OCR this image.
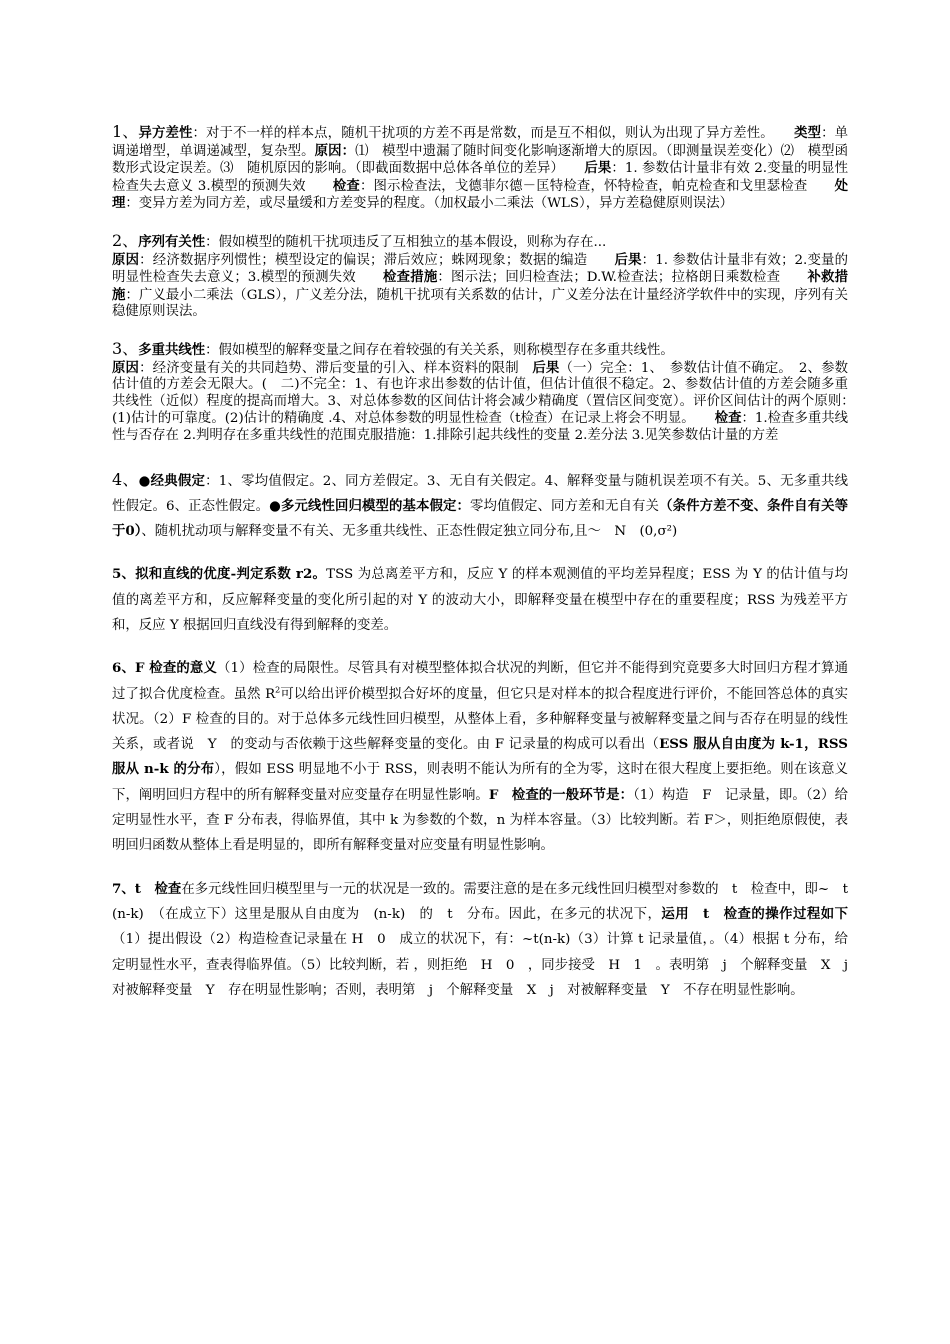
1、异方差性：对于不一样的样本点，随机干扰项的方差不再是常数，而是互不相似，则认为出现了异方差性。　　类型：单调递增型，单调递减型，复杂型。原因：⑴　模型中遗漏了随时间变化影响逐渐增大的原因。（即测量误差变化）⑵　模型函数形式设定误差。⑶　随机原因的影响。（即截面数据中总体各单位的差异）　　后果：1. 参数估计量非有效 2.变量的明显性检查失去意义 3.模型的预测失效　　检查：图示检查法，戈德菲尔德－匡特检查，怀特检查，帕克检查和戈里瑟检查　　处理：变异方差为同方差，或尽量缓和方差变异的程度。（加权最小二乘法（WLS），异方差稳健原则误法）

2、序列有关性：假如模型的随机干扰项违反了互相独立的基本假设，则称为存在...
原因：经济数据序列惯性；模型设定的偏误；滞后效应；蛛网现象；数据的编造　　后果：1. 参数估计量非有效；2.变量的明显性检查失去意义；3.模型的预测失效　　检查措施：图示法；回归检查法；D.W.检查法；拉格朗日乘数检查　　补救措施：广义最小二乘法（GLS），广义差分法，随机干扰项有关系数的估计，广义差分法在计量经济学软件中的实现，序列有关稳健原则误法。

3、多重共线性：假如模型的解释变量之间存在着较强的有关关系，则称模型存在多重共线性。
原因：经济变量有关的共同趋势、滞后变量的引入、样本资料的限制　后果（一）完全：1、　参数估计值不确定。　2、参数估计值的方差会无限大。(　二)不完全：1、有也许求出参数的估计值，但估计值很不稳定。2、参数估计值的方差会随多重共线性（近似）程度的提高而增大。3、对总体参数的区间估计将会减少精确度（置信区间变宽）。评价区间估计的两个原则：　(1)估计的可靠度。(2)估计的精确度 .4、对总体参数的明显性检查（t检查）在记录上将会不明显。　　检查：1.检查多重共线性与否存在 2.判明存在多重共线性的范围克服措施：1.排除引起共线性的变量 2.差分法 3.见笑参数估计量的方差

4、●经典假定：1、零均值假定。2、同方差假定。3、无自有关假定。4、解释变量与随机误差项不有关。5、无多重共线性假定。6、正态性假定。●多元线性回归模型的基本假定：零均值假定、同方差和无自有关（条件方差不变、条件自有关等于0）、随机扰动项与解释变量不有关、无多重共线性、正态性假定独立同分布,且～　N　(0,σ²)

5、拟和直线的优度-判定系数 r2。TSS 为总离差平方和，反应 Y 的样本观测值的平均差异程度；ESS 为 Y 的估计值与均值的离差平方和，反应解释变量的变化所引起的对 Y 的波动大小，即解释变量在模型中存在的重要程度；RSS 为残差平方和，反应 Y 根据回归直线没有得到解释的变差。

6、F 检查的意义（1）检查的局限性。尽管具有对模型整体拟合状况的判断，但它并不能得到究竟要多大时回归方程才算通过了拟合优度检查。虽然 $R^2$可以给出评价模型拟合好坏的度量，但它只是对样本的拟合程度进行评价，不能回答总体的真实状况。（2）F 检查的目的。对于总体多元线性回归模型，从整体上看，多种解释变量与被解释变量之间与否存在明显的线性关系，或者说　Y　的变动与否依赖于这些解释变量的变化。由 F 记录量的构成可以看出（ESS 服从自由度为 k-1，RSS 服从 n-k 的分布），假如 ESS 明显地不小于 RSS，则表明不能认为所有的全为零，这时在很大程度上要拒绝。则在该意义下，阐明回归方程中的所有解释变量对应变量存在明显性影响。F　检查的一般环节是：（1）构造　F　记录量，即。（2）给定明显性水平，查 F 分布表，得临界值，其中 k 为参数的个数，n 为样本容量。（3）比较判断。若 F＞，则拒绝原假使，表明回归函数从整体上看是明显的，即所有解释变量对应变量有明显性影响。

7、t　检查在多元线性回归模型里与一元的状况是一致的。需要注意的是在多元线性回归模型对参数的　t　检查中，即~　t(n-k)　（在成立下）这里是服从自由度为　(n-k)　的　t　分布。因此，在多元的状况下，运用　t　检查的操作过程如下（1）提出假设（2）构造检查记录量在 H　0　成立的状况下，有：~t(n-k)（3）计算 t 记录量值，。（4）根据 t 分布，给定明显性水平，查表得临界值。（5）比较判断，若 ，则拒绝　H　0　，同步接受　H　1　。表明第　j　个解释变量　X　j　对被解释变量　Y　存在明显性影响；否则，表明第　j　个解释变量　X　j　对被解释变量　Y　不存在明显性影响。
